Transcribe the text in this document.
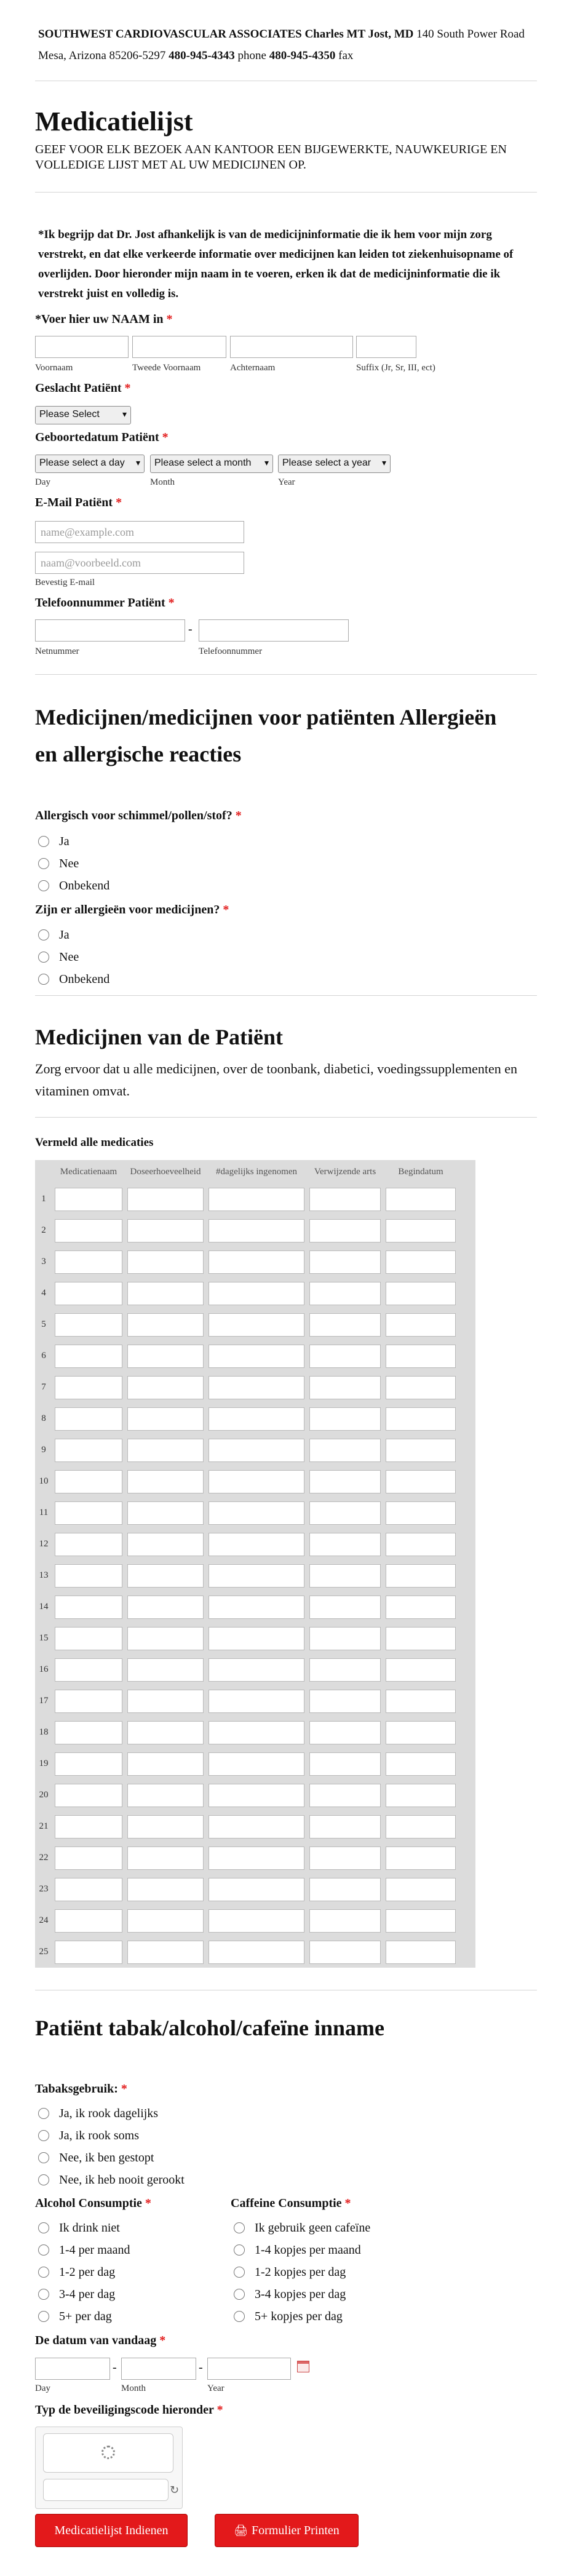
SOUTHWEST CARDIOVASCULAR ASSOCIATES Charles MT Jost, MD 140 South Power Road Mesa, Arizona 85206-5297 480-945-4343 phone 480-945-4350 fax
Medicatielijst
GEEF VOOR ELK BEZOEK AAN KANTOOR EEN BIJGEWERKTE, NAUWKEURIGE EN VOLLEDIGE LIJST MET AL UW MEDICIJNEN OP.
*Ik begrijp dat Dr. Jost afhankelijk is van de medicijninformatie die ik hem voor mijn zorg verstrekt, en dat elke verkeerde informatie over medicijnen kan leiden tot ziekenhuisopname of overlijden. Door hieronder mijn naam in te voeren, erken ik dat de medicijninformatie die ik verstrekt juist en volledig is.
*Voer hier uw NAAM in *
Voornaam	Tweede Voornaam	Achternaam	Suffix (Jr, Sr, III, ect)
Geslacht Patiënt *
Please Select ▾
Geboortedatum Patiënt *
Please select a day ▾	Please select a month ▾	Please select a year ▾
Day	Month	Year
E-Mail Patiënt *
name@example.com
naam@voorbeeld.com
Bevestig E-mail
Telefoonnummer Patiënt *
-
Netnummer	Telefoonnummer
Medicijnen/medicijnen voor patiënten Allergieën en allergische reacties
Allergisch voor schimmel/pollen/stof? *
Ja
Nee
Onbekend
Zijn er allergieën voor medicijnen? *
Ja
Nee
Onbekend
Medicijnen van de Patiënt
Zorg ervoor dat u alle medicijnen, over de toonbank, diabetici, voedingssupplementen en vitaminen omvat.
Vermeld alle medicaties
Medicatienaam	Doseerhoeveelheid	#dagelijks ingenomen	Verwijzende arts	Begindatum
1
2
3
4
5
6
7
8
9
10
11
12
13
14
15
16
17
18
19
20
21
22
23
24
25
Patiënt tabak/alcohol/cafeïne inname
Tabaksgebruik: *
Ja, ik rook dagelijks
Ja, ik rook soms
Nee, ik ben gestopt
Nee, ik heb nooit gerookt
Alcohol Consumptie *
Ik drink niet
1-4 per maand
1-2 per dag
3-4 per dag
5+ per dag
Caffeine Consumptie *
Ik gebruik geen cafeïne
1-4 kopjes per maand
1-2 kopjes per dag
3-4 kopjes per dag
5+ kopjes per dag
De datum van vandaag *
-	-
Day	Month	Year
Typ de beveiligingscode hieronder *
↻
Medicatielijst Indienen	🖨 Formulier Printen
